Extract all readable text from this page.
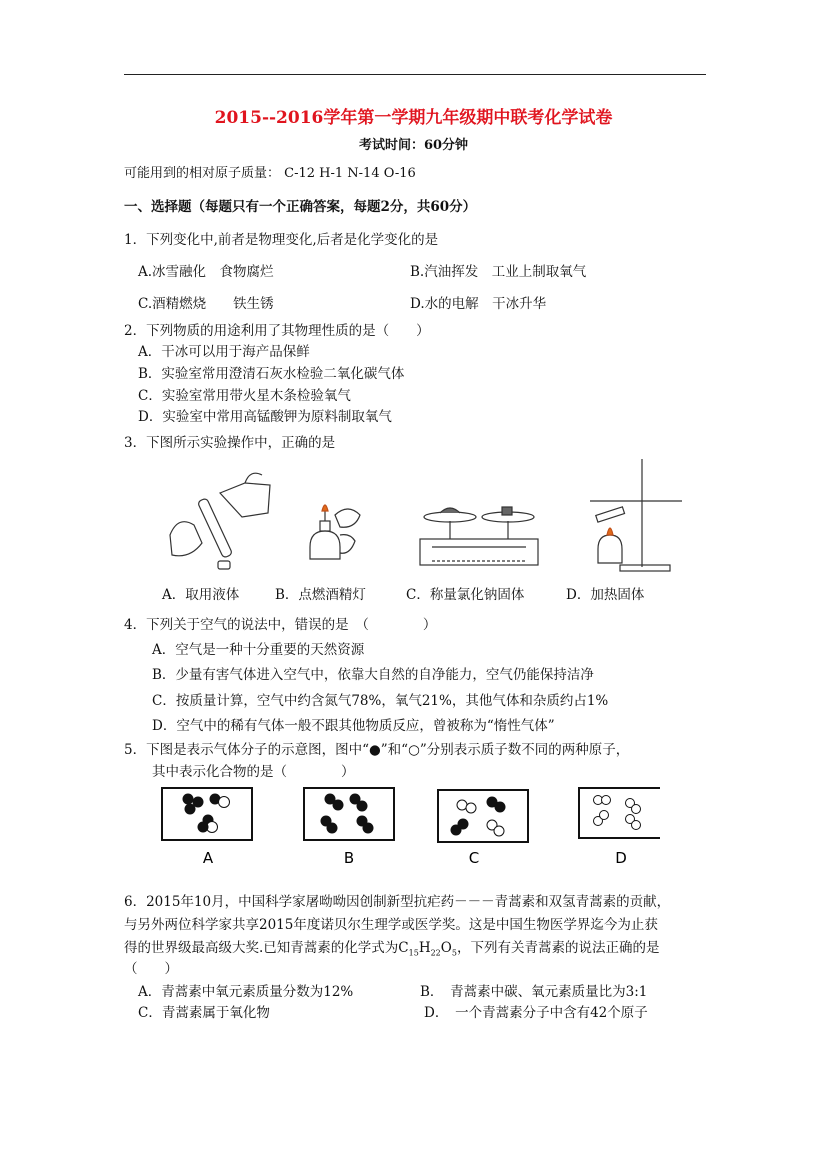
2015--2016学年第一学期九年级期中联考化学试卷
考试时间：60分钟
可能用到的相对原子质量： C-12 H-1 N-14 O-16
一、选择题（每题只有一个正确答案，每题2分，共60分）
1．下列变化中,前者是物理变化,后者是化学变化的是
A.冰雪融化　食物腐烂	B.汽油挥发　工业上制取氧气
C.酒精燃烧　　铁生锈	D.水的电解　干冰升华
2．下列物质的用途利用了其物理性质的是（　　）
A．干冰可以用于海产品保鲜
B．实验室常用澄清石灰水检验二氧化碳气体
C．实验室常用带火星木条检验氧气
D．实验室中常用高锰酸钾为原料制取氧气
3．下图所示实验操作中，正确的是
A．取用液体	B．点燃酒精灯	C．称量氯化钠固体	D．加热固体
4．下列关于空气的说法中，错误的是　（　　　　）
A．空气是一种十分重要的天然资源
B．少量有害气体进入空气中，依靠大自然的自净能力，空气仍能保持洁净
C．按质量计算，空气中约含氮气78%，氧气21%，其他气体和杂质约占1%
D．空气中的稀有气体一般不跟其他物质反应，曾被称为“惰性气体”
5．下图是表示气体分子的示意图，图中“●”和“○”分别表示质子数不同的两种原子，
其中表示化合物的是（　　　　）
A	B	C	D
6．2015年10月，中国科学家屠呦呦因创制新型抗疟药－－－青蒿素和双氢青蒿素的贡献，
与另外两位科学家共享2015年度诺贝尔生理学或医学奖。这是中国生物医学界迄今为止获
得的世界级最高级大奖.已知青蒿素的化学式为$C_{15}H_{22}O_5$，下列有关青蒿素的说法正确的是
（　　）
A．青蒿素中氧元素质量分数为12%	B．　青蒿素中碳、氧元素质量比为3:1
C．青蒿素属于氧化物	D．　一个青蒿素分子中含有42个原子
